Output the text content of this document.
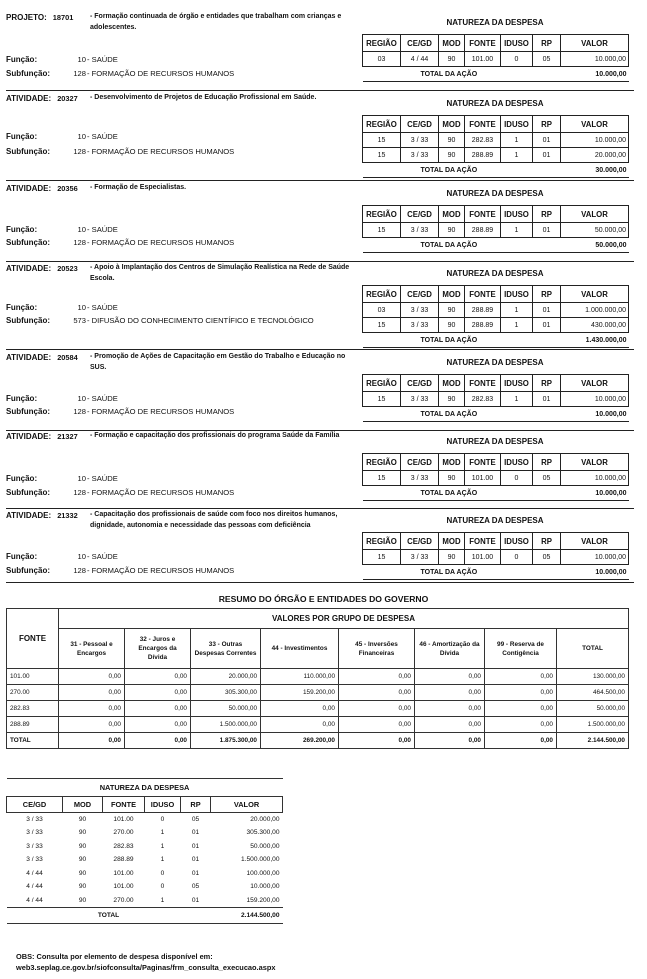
PROJETO: 18701 - Formação continuada de órgão e entidades que trabalham com crianças e adolescentes.
Função:	10 - SAÚDE
Subfunção:	128 - FORMAÇÃO DE RECURSOS HUMANOS
NATUREZA DA DESPESA
REGIÃO	CE/GD	MOD	FONTE	IDUSO	RP	VALOR
03	4 / 44	90	101.00	0	05	10.000,00
TOTAL DA AÇÃO						10.000,00
ATIVIDADE: 20327 - Desenvolvimento de Projetos de Educação Profissional em Saúde.
Função:	10 - SAÚDE
Subfunção:	128 - FORMAÇÃO DE RECURSOS HUMANOS
NATUREZA DA DESPESA
REGIÃO	CE/GD	MOD	FONTE	IDUSO	RP	VALOR
15	3 / 33	90	282.83	1	01	10.000,00
15	3 / 33	90	288.89	1	01	20.000,00
TOTAL DA AÇÃO						30.000,00
ATIVIDADE: 20356 - Formação de Especialistas.
Função:	10 - SAÚDE
Subfunção:	128 - FORMAÇÃO DE RECURSOS HUMANOS
NATUREZA DA DESPESA
REGIÃO	CE/GD	MOD	FONTE	IDUSO	RP	VALOR
15	3 / 33	90	288.89	1	01	50.000,00
TOTAL DA AÇÃO						50.000,00
ATIVIDADE: 20523 - Apoio à Implantação dos Centros de Simulação Realística na Rede de Saúde Escola.
Função:	10 - SAÚDE
Subfunção:	573 - DIFUSÃO DO CONHECIMENTO CIENTÍFICO E TECNOLÓGICO
NATUREZA DA DESPESA
REGIÃO	CE/GD	MOD	FONTE	IDUSO	RP	VALOR
03	3 / 33	90	288.89	1	01	1.000.000,00
15	3 / 33	90	288.89	1	01	430.000,00
TOTAL DA AÇÃO						1.430.000,00
ATIVIDADE: 20584 - Promoção de Ações de Capacitação em Gestão do Trabalho e Educação no SUS.
Função:	10 - SAÚDE
Subfunção:	128 - FORMAÇÃO DE RECURSOS HUMANOS
NATUREZA DA DESPESA
REGIÃO	CE/GD	MOD	FONTE	IDUSO	RP	VALOR
15	3 / 33	90	282.83	1	01	10.000,00
TOTAL DA AÇÃO						10.000,00
ATIVIDADE: 21327 - Formação e capacitação dos profissionais do programa Saúde da Família
Função:	10 - SAÚDE
Subfunção:	128 - FORMAÇÃO DE RECURSOS HUMANOS
NATUREZA DA DESPESA
REGIÃO	CE/GD	MOD	FONTE	IDUSO	RP	VALOR
15	3 / 33	90	101.00	0	05	10.000,00
TOTAL DA AÇÃO						10.000,00
ATIVIDADE: 21332 - Capacitação dos profissionais de saúde com foco nos direitos humanos, dignidade, autonomia e necessidade das pessoas com deficiência
Função:	10 - SAÚDE
Subfunção:	128 - FORMAÇÃO DE RECURSOS HUMANOS
NATUREZA DA DESPESA
REGIÃO	CE/GD	MOD	FONTE	IDUSO	RP	VALOR
15	3 / 33	90	101.00	0	05	10.000,00
TOTAL DA AÇÃO						10.000,00
RESUMO DO ÓRGÃO E ENTIDADES DO GOVERNO
FONTE	VALORES POR GRUPO DE DESPESA							
	31 - Pessoal e Encargos	32 - Juros e Encargos da Dívida	33 - Outras Despesas Correntes	44 - Investimentos	45 - Inversões Financeiras	46 - Amortização da Dívida	99 - Reserva de Contigência	TOTAL
101.00	0,00	0,00	20.000,00	110.000,00	0,00	0,00	0,00	130.000,00
270.00	0,00	0,00	305.300,00	159.200,00	0,00	0,00	0,00	464.500,00
282.83	0,00	0,00	50.000,00	0,00	0,00	0,00	0,00	50.000,00
288.89	0,00	0,00	1.500.000,00	0,00	0,00	0,00	0,00	1.500.000,00
TOTAL	0,00	0,00	1.875.300,00	269.200,00	0,00	0,00	0,00	2.144.500,00
NATUREZA DA DESPESA					
CE/GD	MOD	FONTE	IDUSO	RP	VALOR
3 / 33	90	101.00	0	05	20.000,00
3 / 33	90	270.00	1	01	305.300,00
3 / 33	90	282.83	1	01	50.000,00
3 / 33	90	288.89	1	01	1.500.000,00
4 / 44	90	101.00	0	01	100.000,00
4 / 44	90	101.00	0	05	10.000,00
4 / 44	90	270.00	1	01	159.200,00
TOTAL					2.144.500,00
OBS: Consulta por elemento de despesa disponível em:
web3.seplag.ce.gov.br/siofconsulta/Paginas/frm_consulta_execucao.aspx
